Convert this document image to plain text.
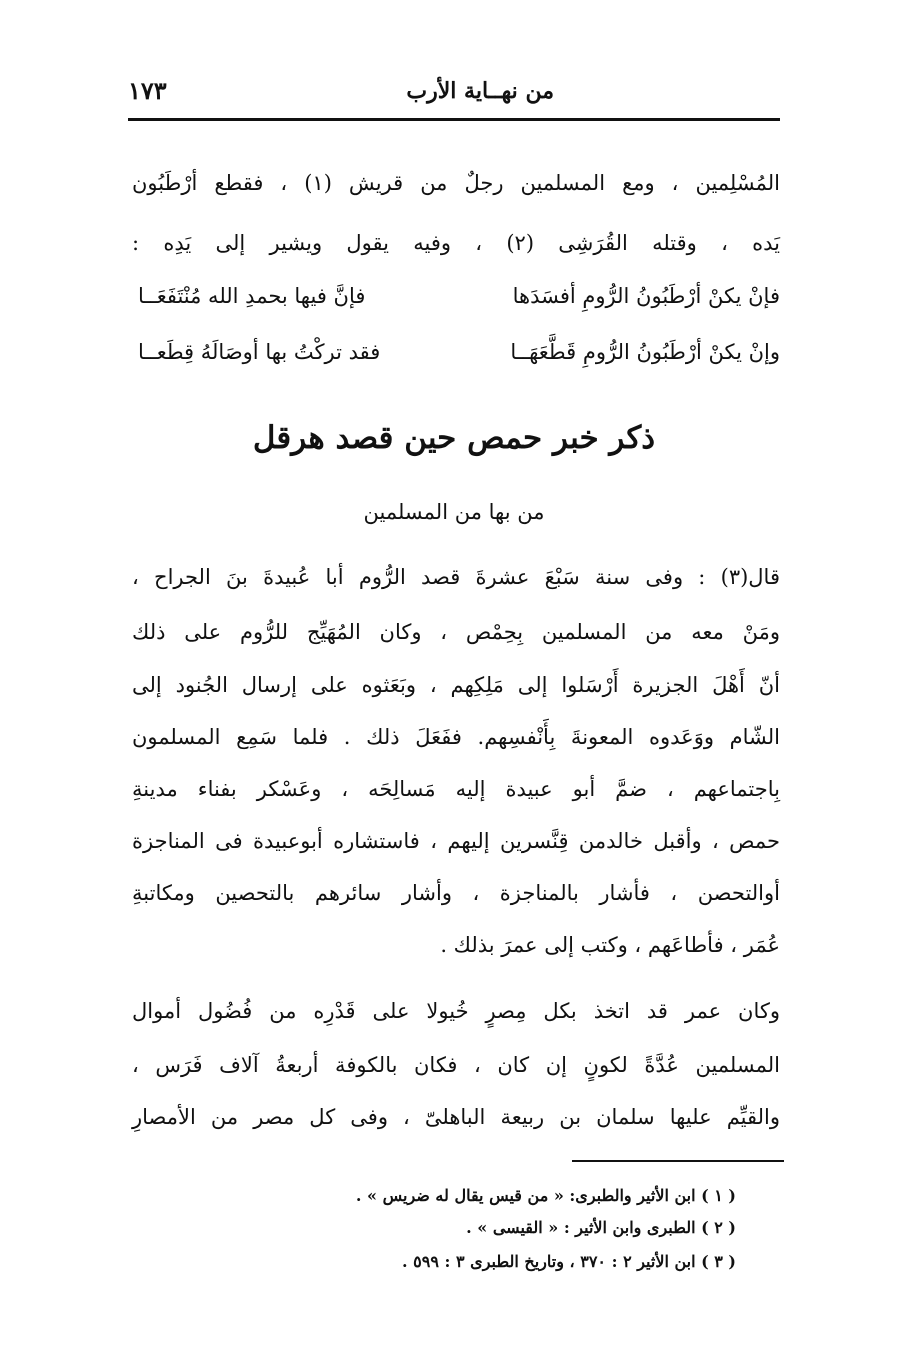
من نهــاية الأرب
١٧٣
المُسْلِمين ، ومع المسلمين رجلٌ من قريش (١) ، فقطع أرْطَبُون
يَده ، وقتله القُرَشِى (٢) ، وفيه يقول ويشير إلى يَدِه :
فإنْ يكنْ أرْطَبُونُ الرُّومِ أفسَدَها
فإنَّ فيها بحمدِ الله مُنْتَفَعَــا
وإنْ يكنْ أرْطَبُونُ الرُّومِ قَطَّعَهَــا
فقد تركْتُ بها أوصَالَهُ قِطَعــا
ذكر خبر حمص حين قصد هرقل
من بها من المسلمين
قال(٣) : وفى سنة سَبْعَ عشرةَ قصد الرُّوم أبا عُبيدةَ بنَ الجراح ،
ومَنْ معه من المسلمين بِحِمْص ، وكان المُهَيِّج للرُّوم على ذلك
أنّ أَهْلَ الجزيرة أَرْسَلوا إلى مَلِكِهم ، وبَعَثوه على إرسال الجُنود إلى
الشّام ووَعَدوه المعونةَ بِأَنْفسِهم. ففَعَلَ ذلك . فلما سَمِع المسلمون
بِاجتماعهم ، ضمَّ أبو عبيدة إليه مَسالِحَه ، وعَسْكر بفناء مدينةِ
حمص ، وأقبل خالدمن قِنَّسرين إليهم ، فاستشاره أبوعبيدة فى المناجزة
أوالتحصن ، فأشار بالمناجزة ، وأشار سائرهم بالتحصين ومكاتبةِ
عُمَر ، فأطاعَهم ، وكتب إلى عمرَ بذلك .
وكان عمر قد اتخذ بكل مِصرٍ خُيولا على قَدْرِه من فُضُول أموال
المسلمين عُدَّةً لكونٍ إن كان ، فكان بالكوفة أربعةُ آلاف فَرَس ،
والقيِّم عليها سلمان بن ربيعة الباهلىّ ، وفى كل مصر من الأمصارِ
( ١ ) ابن الأثير والطبرى: « من قيس يقال له ضريس » .
( ٢ ) الطبرى وابن الأثير : « القيسى » .
( ٣ ) ابن الأثير ٢ : ٣٧٠ ، وتاريخ الطبرى ٣ : ٥٩٩ .
